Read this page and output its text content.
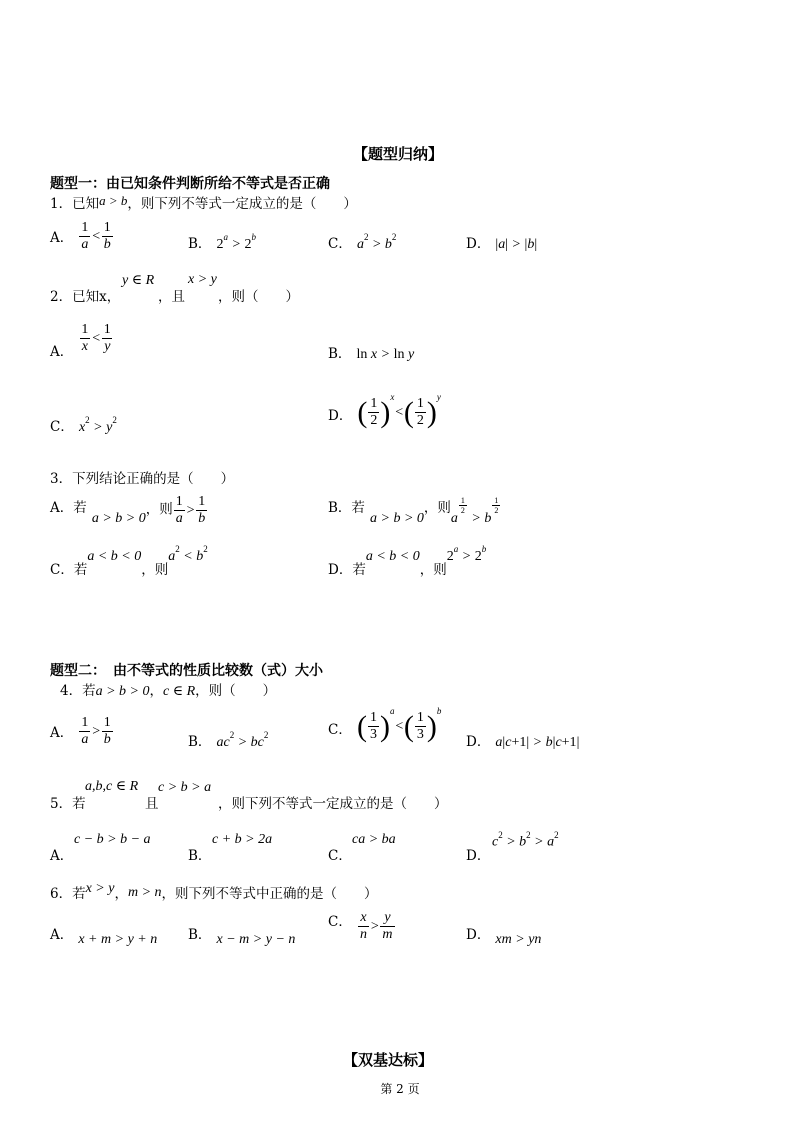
【题型归纳】
题型一：由已知条件判断所给不等式是否正确
1．已知a > b，则下列不等式一定成立的是（　　）
A． $\frac{1}{a} < \frac{1}{b}$	B． $2^a > 2^b$	C． $a^2 > b^2$	D． |a| > |b|
2．已知x，
y ∈ R
，且
x > y
，则（　　）
$_{A.} \frac{1}{x} < \frac{1}{y}$	B． ln x > ln y
C． $x^2 > y^2$	$_{D.}$ ( $\frac{1}{2} )^x<( \frac{1}{2} )^y$
3．下列结论正确的是（　　）
A．若 a > b > 0，则 $\frac{1}{a} > \frac{1}{b}$	$^{B.若}$ $a > b > 0^{,则}a$
$\frac{1}{2}$
> b
$\frac{1}{2}$
$_{C.若}a < b < 0_{,则}a^2 < b^2$
$_{D.若}a < b < 0_{,则}2^a > 2^b$
题型二：　由不等式的性质比较数（式）大小
4．若a > b > 0，c ∈ R，则（　　）
A． $\frac{1}{a} > \frac{1}{b}$	B． $ac^2 > bc^2$	$_{C.}$ ( $\frac{1}{3} )^a<( \frac{1}{3} )^b$
D． a|c+1| > b|c+1|
5．若
a,b,c ∈ R
且
c > b > a
，则下列不等式一定成立的是（　　）
A．
c − b > b − a
B．
c + b > 2a
C．
ca > ba
D．
$c^2 > b^2 > a^2$
6．若x > y，m > n，则下列不等式中正确的是（　　）
A． x + m > y + n B． x − m > y − n
$^{C.} \frac{x}{n} > \frac{y}{m}$	D． xm > yn
【双基达标】
第 2 页
